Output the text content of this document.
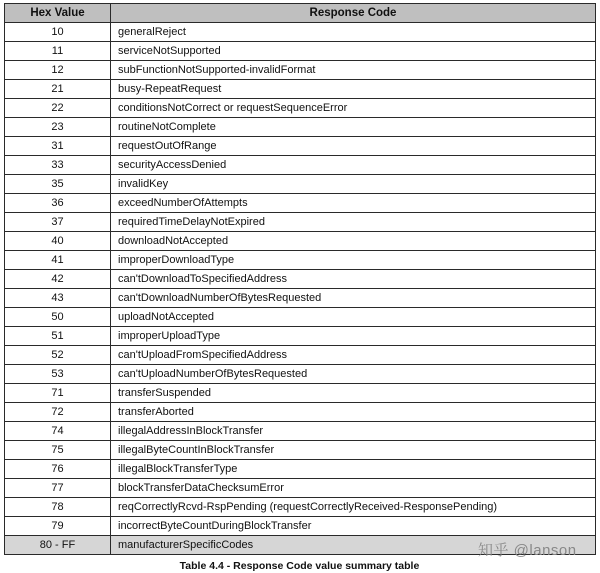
Hex Value	Response Code
10	generalReject
11	serviceNotSupported
12	subFunctionNotSupported-invalidFormat
21	busy-RepeatRequest
22	conditionsNotCorrect or requestSequenceError
23	routineNotComplete
31	requestOutOfRange
33	securityAccessDenied
35	invalidKey
36	exceedNumberOfAttempts
37	requiredTimeDelayNotExpired
40	downloadNotAccepted
41	improperDownloadType
42	can'tDownloadToSpecifiedAddress
43	can'tDownloadNumberOfBytesRequested
50	uploadNotAccepted
51	improperUploadType
52	can'tUploadFromSpecifiedAddress
53	can'tUploadNumberOfBytesRequested
71	transferSuspended
72	transferAborted
74	illegalAddressInBlockTransfer
75	illegalByteCountInBlockTransfer
76	illegalBlockTransferType
77	blockTransferDataChecksumError
78	reqCorrectlyRcvd-RspPending (requestCorrectlyReceived-ResponsePending)
79	incorrectByteCountDuringBlockTransfer
80 - FF	manufacturerSpecificCodes
Table 4.4 - Response Code value summary table
知乎 @lanson
